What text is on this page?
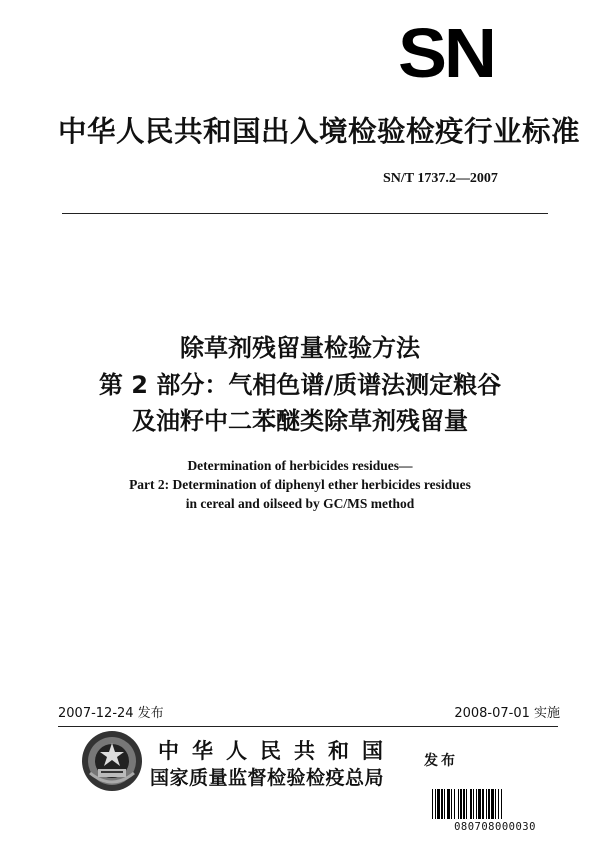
SN
中华人民共和国出入境检验检疫行业标准
SN/T 1737.2—2007
除草剂残留量检验方法
第 2 部分：气相色谱/质谱法测定粮谷
及油籽中二苯醚类除草剂残留量
Determination of herbicides residues—
Part 2: Determination of diphenyl ether herbicides residues
in cereal and oilseed by GC/MS method
2007-12-24 发布	2008-07-01 实施
中华人民共和国
国家质量监督检验检疫总局
发布
080708000030
